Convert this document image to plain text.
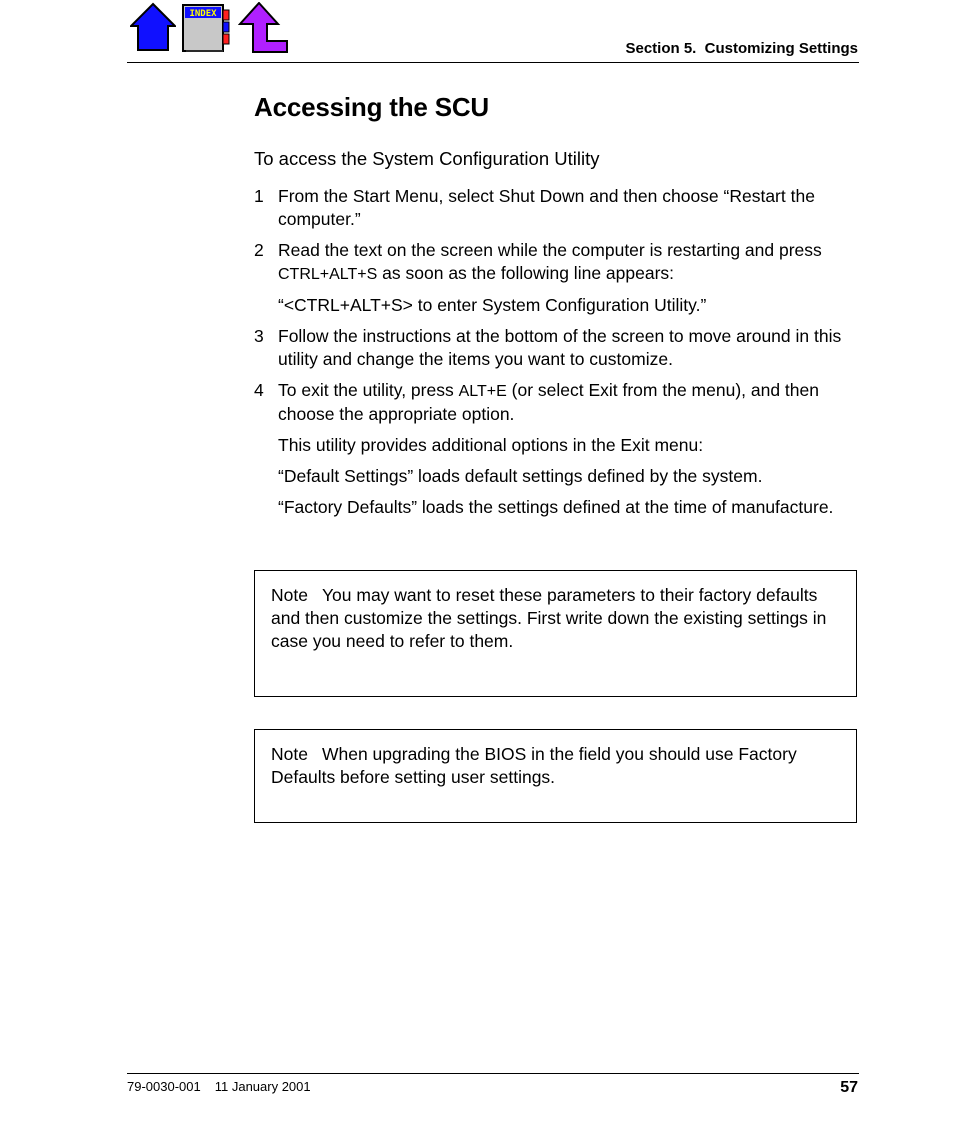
INDEX
Section 5.  Customizing Settings
Accessing the SCU
To access the System Configuration Utility
1 From the Start Menu, select Shut Down and then choose “Restart the computer.”
2 Read the text on the screen while the computer is restarting and press CTRL+ALT+S as soon as the following line appears:
“<CTRL+ALT+S> to enter System Configuration Utility.”
3 Follow the instructions at the bottom of the screen to move around in this utility and change the items you want to customize.
4 To exit the utility, press ALT+E (or select Exit from the menu), and then choose the appropriate option.
This utility provides additional options in the Exit menu:
“Default Settings” loads default settings defined by the system.
“Factory Defaults” loads the settings defined at the time of manufacture.
Note You may want to reset these parameters to their factory defaults and then customize the settings. First write down the existing settings in case you need to refer to them.
Note When upgrading the BIOS in the field you should use Factory Defaults before setting user settings.
79-0030-001 11 January 2001	57
